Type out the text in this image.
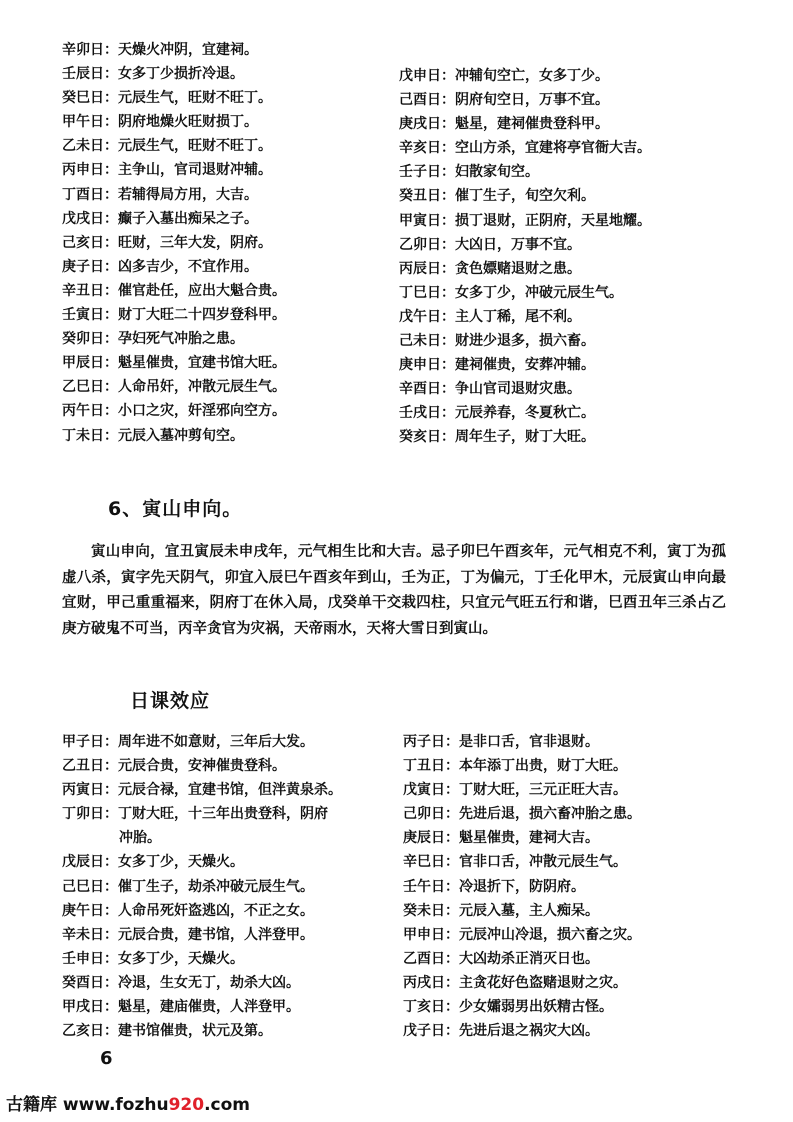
辛卯日：天燥火冲阴，宜建祠。
壬辰日：女多丁少损折冷退。
癸巳日：元辰生气，旺财不旺丁。
甲午日：阴府地燥火旺财损丁。
乙未日：元辰生气，旺财不旺丁。
丙申日：主争山，官司退财冲辅。
丁酉日：若辅得局方用，大吉。
戊戌日：癫子入墓出痴呆之子。
己亥日：旺财，三年大发，阴府。
庚子日：凶多吉少，不宜作用。
辛丑日：催官赴任，应出大魁合贵。
壬寅日：财丁大旺二十四岁登科甲。
癸卯日：孕妇死气冲胎之患。
甲辰日：魁星催贵，宜建书馆大旺。
乙巳日：人命吊奸，冲散元辰生气。
丙午日：小口之灾，奸淫邪向空方。
丁未日：元辰入墓冲剪旬空。
戊申日：冲辅旬空亡，女多丁少。
己酉日：阴府旬空日，万事不宜。
庚戌日：魁星，建祠催贵登科甲。
辛亥日：空山方杀，宜建将亭官衙大吉。
壬子日：妇散家旬空。
癸丑日：催丁生子，旬空欠利。
甲寅日：损丁退财，正阴府，天星地耀。
乙卯日：大凶日，万事不宜。
丙辰日：贪色嫖赌退财之患。
丁巳日：女多丁少，冲破元辰生气。
戊午日：主人丁稀，尾不利。
己未日：财进少退多，损六畜。
庚申日：建祠催贵，安葬冲辅。
辛酉日：争山官司退财灾患。
壬戌日：元辰养春，冬夏秋亡。
癸亥日：周年生子，财丁大旺。
6、寅山申向。
寅山申向，宜丑寅辰未申戌年，元气相生比和大吉。忌子卯巳午酉亥年，元气相克不利，寅丁为孤虚八杀，寅字先天阴气，卯宜入辰巳午酉亥年到山，壬为正，丁为偏元，丁壬化甲木，元辰寅山申向最宜财，甲己重重福来，阴府丁在休入局，戊癸单干交栽四柱，只宜元气旺五行和谐，巳酉丑年三杀占乙庚方破鬼不可当，丙辛贪官为灾祸，天帝雨水，天将大雪日到寅山。
日课效应
甲子日：周年进不如意财，三年后大发。
乙丑日：元辰合贵，安神催贵登科。
丙寅日：元辰合禄，宜建书馆，但泮黄泉杀。
丁卯日：丁财大旺，十三年出贵登科，阴府
冲胎。
戊辰日：女多丁少，天燥火。
己巳日：催丁生子，劫杀冲破元辰生气。
庚午日：人命吊死奸盗逃凶，不正之女。
辛未日：元辰合贵，建书馆，人泮登甲。
壬申日：女多丁少，天燥火。
癸酉日：冷退，生女无丁，劫杀大凶。
甲戌日：魁星，建庙催贵，人泮登甲。
乙亥日：建书馆催贵，状元及第。
丙子日：是非口舌，官非退财。
丁丑日：本年添丁出贵，财丁大旺。
戊寅日：丁财大旺，三元正旺大吉。
己卯日：先进后退，损六畜冲胎之患。
庚辰日：魁星催贵，建祠大吉。
辛巳日：官非口舌，冲散元辰生气。
壬午日：冷退折下，防阴府。
癸未日：元辰入墓，主人痴呆。
甲申日：元辰冲山冷退，损六畜之灾。
乙酉日：大凶劫杀正消灭日也。
丙戌日：主贪花好色盗赌退财之灾。
丁亥日：少女孀弱男出妖精古怪。
戊子日：先进后退之祸灾大凶。
6
古籍库 www.fozhu920.com
